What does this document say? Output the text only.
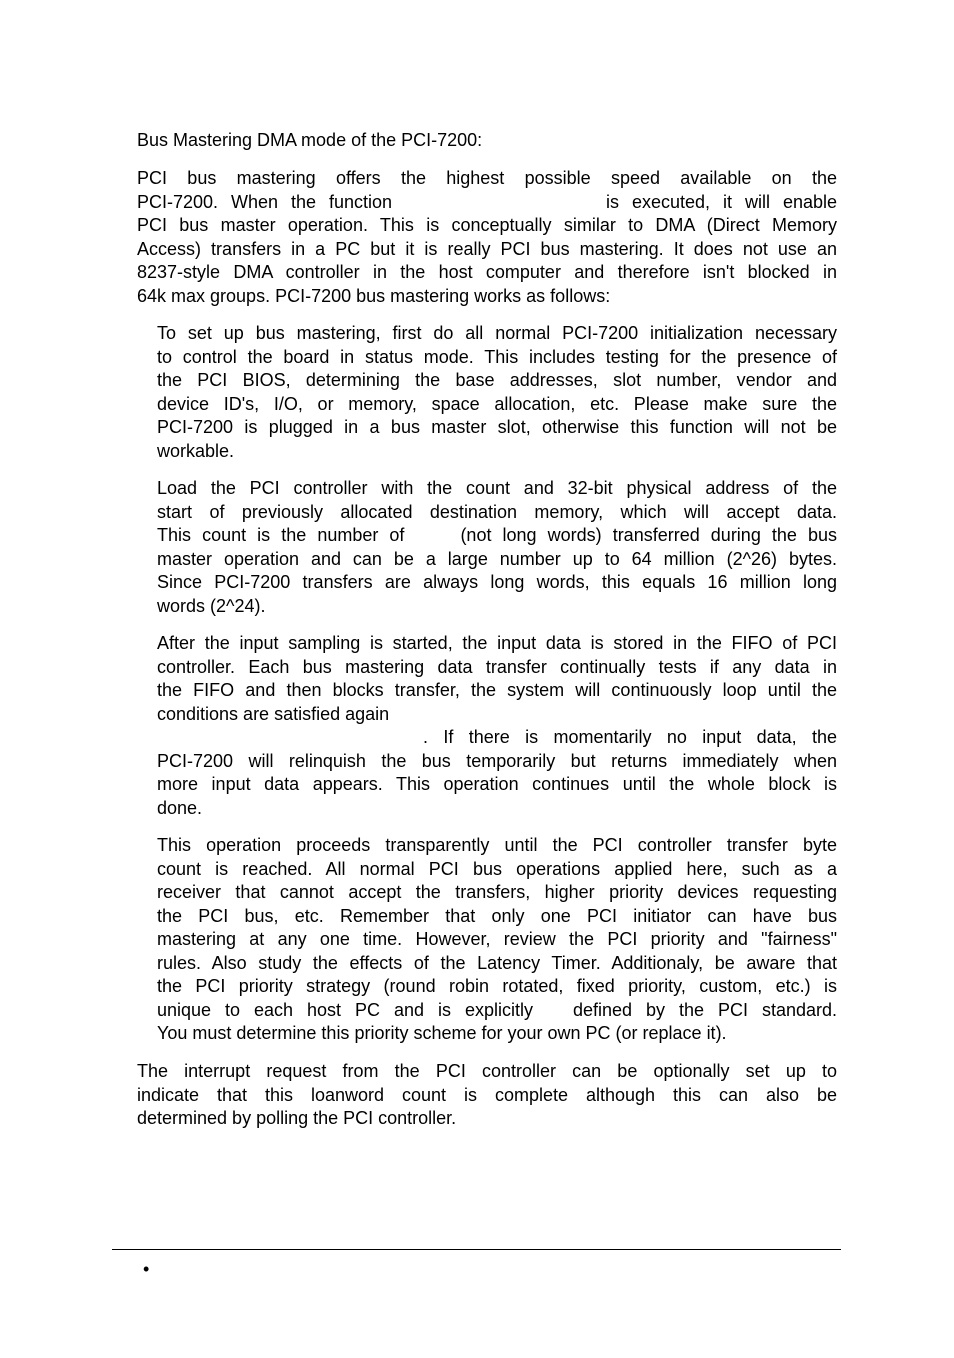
Bus Mastering DMA mode of the PCI-7200:

PCI bus mastering offers the highest possible speed available on the
PCI-7200. When the function	is executed, it will enable
PCI bus master operation. This is conceptually similar to DMA (Direct Memory
Access) transfers in a PC but it is really PCI bus mastering. It does not use an
8237-style DMA controller in the host computer and therefore isn't blocked in
64k max groups. PCI-7200 bus mastering works as follows:
To set up bus mastering, first do all normal PCI-7200 initialization necessary
to control the board in status mode. This includes testing for the presence of
the PCI BIOS, determining the base addresses, slot number, vendor and
device ID's, I/O, or memory, space allocation, etc. Please make sure the
PCI-7200 is plugged in a bus master slot, otherwise this function will not be
workable.
Load the PCI controller with the count and 32-bit physical address of the
start of previously allocated destination memory, which will accept data.
This count is the number of	(not long words) transferred during the bus
master operation and can be a large number up to 64 million (2^26) bytes.
Since PCI-7200 transfers are always long words, this equals 16 million long
words (2^24).
After the input sampling is started, the input data is stored in the FIFO of PCI
controller. Each bus mastering data transfer continually tests if any data in
the FIFO and then blocks transfer, the system will continuously loop until the
conditions are satisfied again
. If there is momentarily no input data, the
PCI-7200 will relinquish the bus temporarily but returns immediately when
more input data appears. This operation continues until the whole block is
done.
This operation proceeds transparently until the PCI controller transfer byte
count is reached. All normal PCI bus operations applied here, such as a
receiver that cannot accept the transfers, higher priority devices requesting
the PCI bus, etc. Remember that only one PCI initiator can have bus
mastering at any one time. However, review the PCI priority and "fairness"
rules. Also study the effects of the Latency Timer. Additionaly, be aware that
the PCI priority strategy (round robin rotated, fixed priority, custom, etc.) is
unique to each host PC and is explicitly defined by the PCI standard.
You must determine this priority scheme for your own PC (or replace it).
The interrupt request from the PCI controller can be optionally set up to
indicate that this loanword count is complete although this can also be
determined by polling the PCI controller.
•
